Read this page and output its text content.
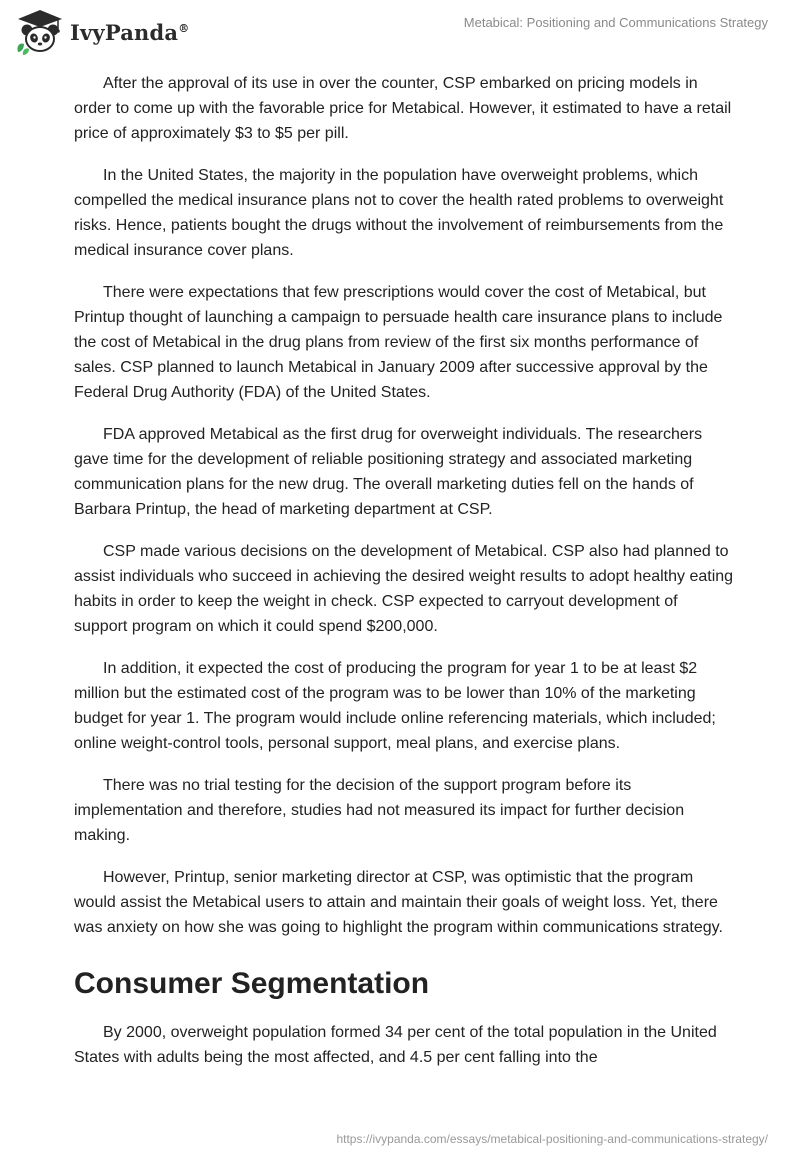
IvyPanda®	Metabical: Positioning and Communications Strategy

After the approval of its use in over the counter, CSP embarked on pricing models in order to come up with the favorable price for Metabical. However, it estimated to have a retail price of approximately $3 to $5 per pill.

In the United States, the majority in the population have overweight problems, which compelled the medical insurance plans not to cover the health rated problems to overweight risks. Hence, patients bought the drugs without the involvement of reimbursements from the medical insurance cover plans.

There were expectations that few prescriptions would cover the cost of Metabical, but Printup thought of launching a campaign to persuade health care insurance plans to include the cost of Metabical in the drug plans from review of the first six months performance of sales. CSP planned to launch Metabical in January 2009 after successive approval by the Federal Drug Authority (FDA) of the United States.

FDA approved Metabical as the first drug for overweight individuals. The researchers gave time for the development of reliable positioning strategy and associated marketing communication plans for the new drug. The overall marketing duties fell on the hands of Barbara Printup, the head of marketing department at CSP.

CSP made various decisions on the development of Metabical. CSP also had planned to assist individuals who succeed in achieving the desired weight results to adopt healthy eating habits in order to keep the weight in check. CSP expected to carryout development of support program on which it could spend $200,000.

In addition, it expected the cost of producing the program for year 1 to be at least $2 million but the estimated cost of the program was to be lower than 10% of the marketing budget for year 1. The program would include online referencing materials, which included; online weight-control tools, personal support, meal plans, and exercise plans.

There was no trial testing for the decision of the support program before its implementation and therefore, studies had not measured its impact for further decision making.

However, Printup, senior marketing director at CSP, was optimistic that the program would assist the Metabical users to attain and maintain their goals of weight loss. Yet, there was anxiety on how she was going to highlight the program within communications strategy.

Consumer Segmentation

By 2000, overweight population formed 34 per cent of the total population in the United States with adults being the most affected, and 4.5 per cent falling into the

https://ivypanda.com/essays/metabical-positioning-and-communications-strategy/
